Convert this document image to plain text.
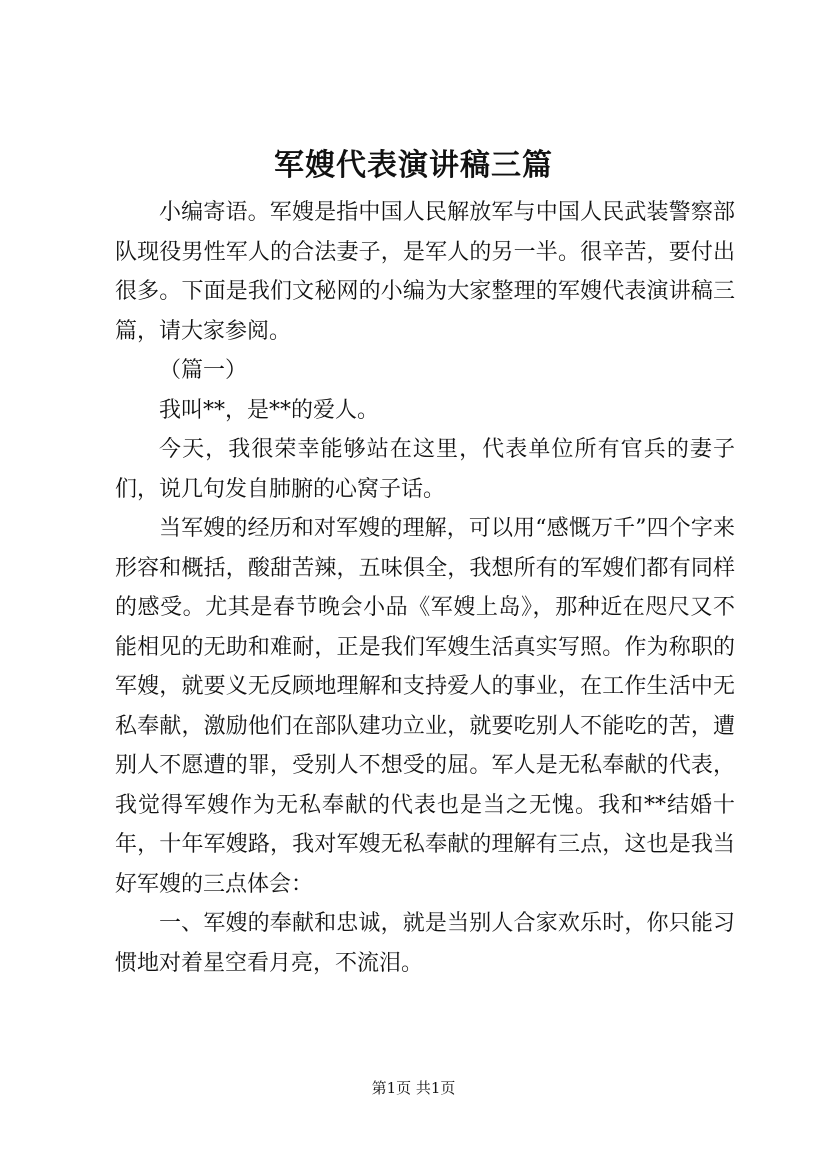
军嫂代表演讲稿三篇

小编寄语。军嫂是指中国人民解放军与中国人民武装警察部队现役男性军人的合法妻子，是军人的另一半。很辛苦，要付出很多。下面是我们文秘网的小编为大家整理的军嫂代表演讲稿三篇，请大家参阅。

（篇一）

我叫**，是**的爱人。

今天，我很荣幸能够站在这里，代表单位所有官兵的妻子们，说几句发自肺腑的心窝子话。

当军嫂的经历和对军嫂的理解，可以用“感慨万千”四个字来形容和概括，酸甜苦辣，五味俱全，我想所有的军嫂们都有同样的感受。尤其是春节晚会小品《军嫂上岛》，那种近在咫尺又不能相见的无助和难耐，正是我们军嫂生活真实写照。作为称职的军嫂，就要义无反顾地理解和支持爱人的事业，在工作生活中无私奉献，激励他们在部队建功立业，就要吃别人不能吃的苦，遭别人不愿遭的罪，受别人不想受的屈。军人是无私奉献的代表，我觉得军嫂作为无私奉献的代表也是当之无愧。我和**结婚十年，十年军嫂路，我对军嫂无私奉献的理解有三点，这也是我当好军嫂的三点体会：

一、军嫂的奉献和忠诚，就是当别人合家欢乐时，你只能习惯地对着星空看月亮，不流泪。

第1页 共1页
